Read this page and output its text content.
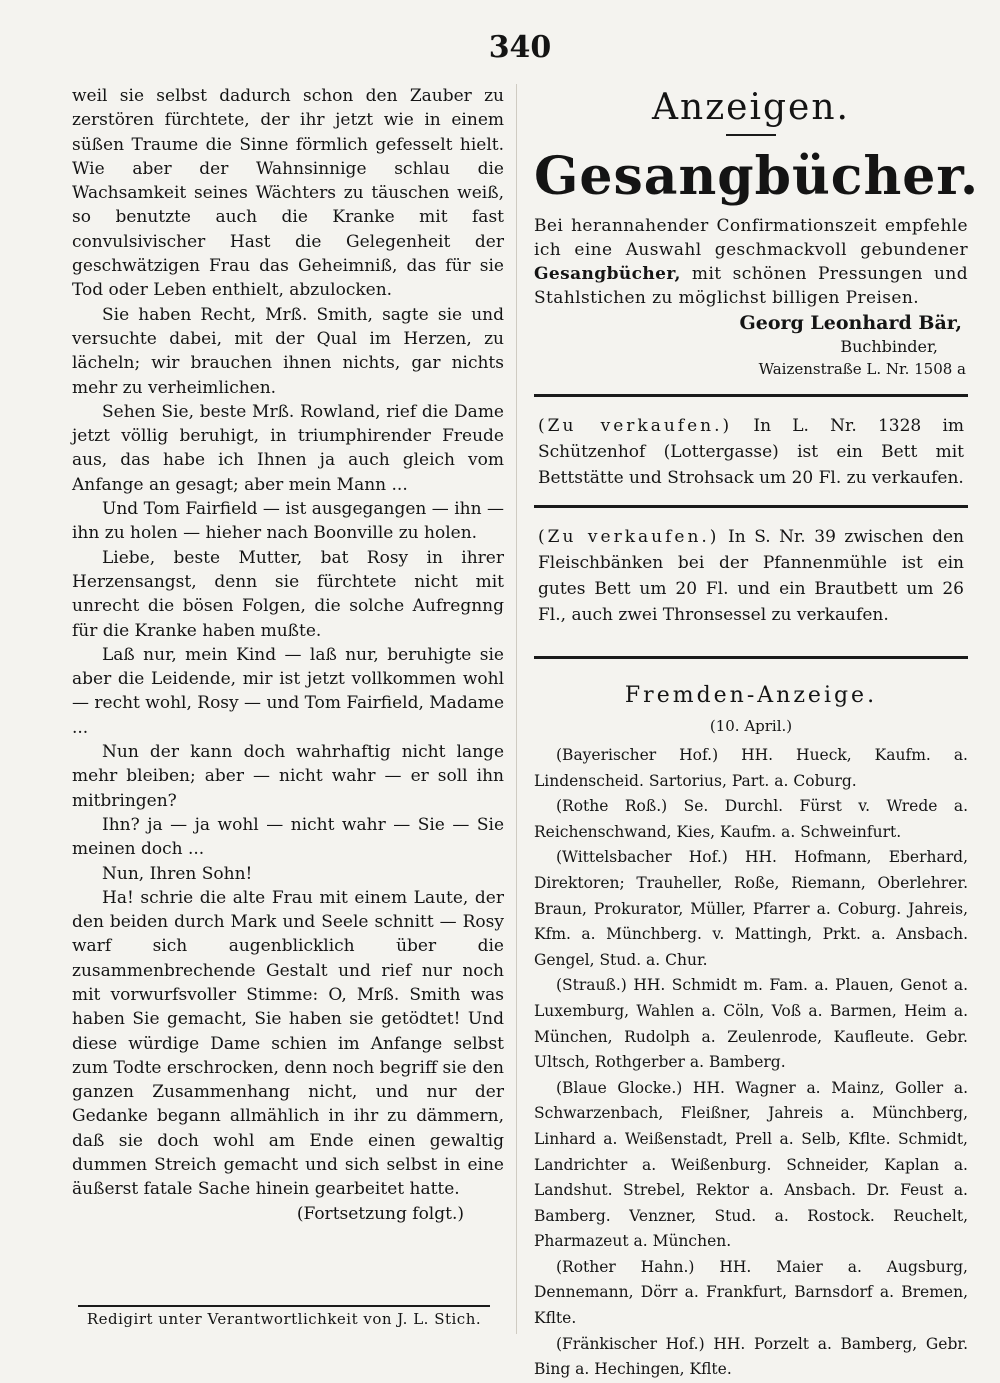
340

weil sie selbst dadurch schon den Zauber zu zerstören fürchtete, der ihr jetzt wie in einem süßen Traume die Sinne förmlich gefesselt hielt. Wie aber der Wahnsinnige schlau die Wachsamkeit seines Wächters zu täuschen weiß, so benutzte auch die Kranke mit fast convulsivischer Hast die Gelegenheit der geschwätzigen Frau das Geheimniß, das für sie Tod oder Leben enthielt, abzulocken.

Sie haben Recht, Mrß. Smith, sagte sie und versuchte dabei, mit der Qual im Herzen, zu lächeln; wir brauchen ihnen nichts, gar nichts mehr zu verheimlichen.

Sehen Sie, beste Mrß. Rowland, rief die Dame jetzt völlig beruhigt, in triumphirender Freude aus, das habe ich Ihnen ja auch gleich vom Anfange an gesagt; aber mein Mann ...

Und Tom Fairfield — ist ausgegangen — ihn — ihn zu holen — hieher nach Boonville zu holen.

Liebe, beste Mutter, bat Rosy in ihrer Herzensangst, denn sie fürchtete nicht mit unrecht die bösen Folgen, die solche Aufregnng für die Kranke haben mußte.

Laß nur, mein Kind — laß nur, beruhigte sie aber die Leidende, mir ist jetzt vollkommen wohl — recht wohl, Rosy — und Tom Fairfield, Madame ...

Nun der kann doch wahrhaftig nicht lange mehr bleiben; aber — nicht wahr — er soll ihn mitbringen?

Ihn? ja — ja wohl — nicht wahr — Sie — Sie meinen doch ...

Nun, Ihren Sohn!

Ha! schrie die alte Frau mit einem Laute, der den beiden durch Mark und Seele schnitt — Rosy warf sich augenblicklich über die zusammenbrechende Gestalt und rief nur noch mit vorwurfsvoller Stimme: O, Mrß. Smith was haben Sie gemacht, Sie haben sie getödtet! Und diese würdige Dame schien im Anfange selbst zum Todte erschrocken, denn noch begriff sie den ganzen Zusammenhang nicht, und nur der Gedanke begann allmählich in ihr zu dämmern, daß sie doch wohl am Ende einen gewaltig dummen Streich gemacht und sich selbst in eine äußerst fatale Sache hinein gearbeitet hatte.

(Fortsetzung folgt.)

Redigirt unter Verantwortlichkeit von J. L. Stich.
Anzeigen.
Gesangbücher.
Bei herannahender Confirmationszeit empfehle ich eine Auswahl geschmackvoll gebundener Gesangbücher, mit schönen Pressungen und Stahlstichen zu möglichst billigen Preisen.
Georg Leonhard Bär,
Buchbinder,
Waizenstraße L. Nr. 1508 a
(Zu verkaufen.) In L. Nr. 1328 im Schützenhof (Lottergasse) ist ein Bett mit Bettstätte und Strohsack um 20 Fl. zu verkaufen.
(Zu verkaufen.) In S. Nr. 39 zwischen den Fleischbänken bei der Pfannenmühle ist ein gutes Bett um 20 Fl. und ein Brautbett um 26 Fl., auch zwei Thronsessel zu verkaufen.
Fremden-Anzeige.
(10. April.)

(Bayerischer Hof.) HH. Hueck, Kaufm. a. Lindenscheid. Sartorius, Part. a. Coburg.

(Rothe Roß.) Se. Durchl. Fürst v. Wrede a. Reichenschwand, Kies, Kaufm. a. Schweinfurt.

(Wittelsbacher Hof.) HH. Hofmann, Eberhard, Direktoren; Trauheller, Roße, Riemann, Oberlehrer. Braun, Prokurator, Müller, Pfarrer a. Coburg. Jahreis, Kfm. a. Münchberg. v. Mattingh, Prkt. a. Ansbach. Gengel, Stud. a. Chur.

(Strauß.) HH. Schmidt m. Fam. a. Plauen, Genot a. Luxemburg, Wahlen a. Cöln, Voß a. Barmen, Heim a. München, Rudolph a. Zeulenrode, Kaufleute. Gebr. Ultsch, Rothgerber a. Bamberg.

(Blaue Glocke.) HH. Wagner a. Mainz, Goller a. Schwarzenbach, Fleißner, Jahreis a. Münchberg, Linhard a. Weißenstadt, Prell a. Selb, Kflte. Schmidt, Landrichter a. Weißenburg. Schneider, Kaplan a. Landshut. Strebel, Rektor a. Ansbach. Dr. Feust a. Bamberg. Venzner, Stud. a. Rostock. Reuchelt, Pharmazeut a. München.

(Rother Hahn.) HH. Maier a. Augsburg, Dennemann, Dörr a. Frankfurt, Barnsdorf a. Bremen, Kflte.

(Fränkischer Hof.) HH. Porzelt a. Bamberg, Gebr. Bing a. Hechingen, Kflte.
